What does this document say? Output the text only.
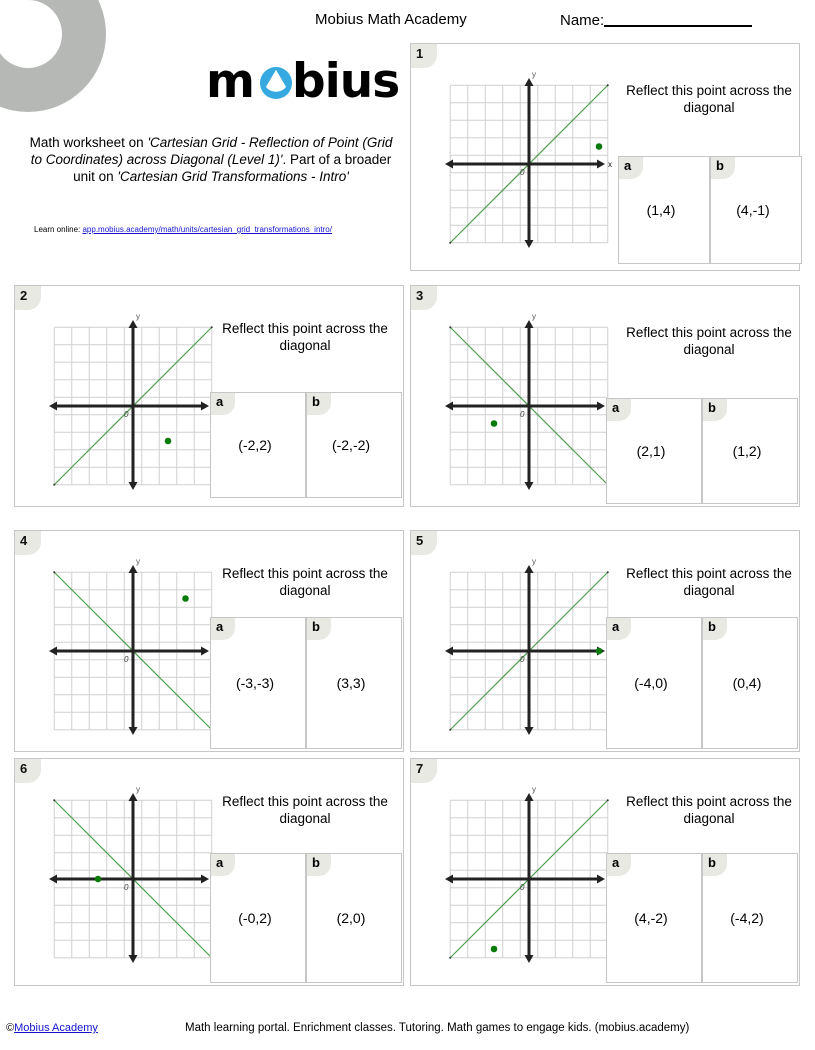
Mobius Math Academy	Name:
m bius
Math worksheet on 'Cartesian Grid - Reflection of Point (Grid to Coordinates) across Diagonal (Level 1)'. Part of a broader unit on 'Cartesian Grid Transformations - Intro'
Learn online: app.mobius.academy/math/units/cartesian_grid_transformations_intro/
1
x
y
0
Reflect this point across the diagonal
a
(1,4)
b
(4,-1)
2
y
0
Reflect this point across the diagonal
a
(-2,2)
b
(-2,-2)
3
y
0
Reflect this point across the diagonal
a
(2,1)
b
(1,2)
4
y
0
Reflect this point across the diagonal
a
(-3,-3)
b
(3,3)
5
y
0
Reflect this point across the diagonal
a
(-4,0)
b
(0,4)
6
y
0
Reflect this point across the diagonal
a
(-0,2)
b
(2,0)
7
y
0
Reflect this point across the diagonal
a
(4,-2)
b
(-4,2)
©Mobius Academy	Math learning portal. Enrichment classes. Tutoring. Math games to engage kids. (mobius.academy)
